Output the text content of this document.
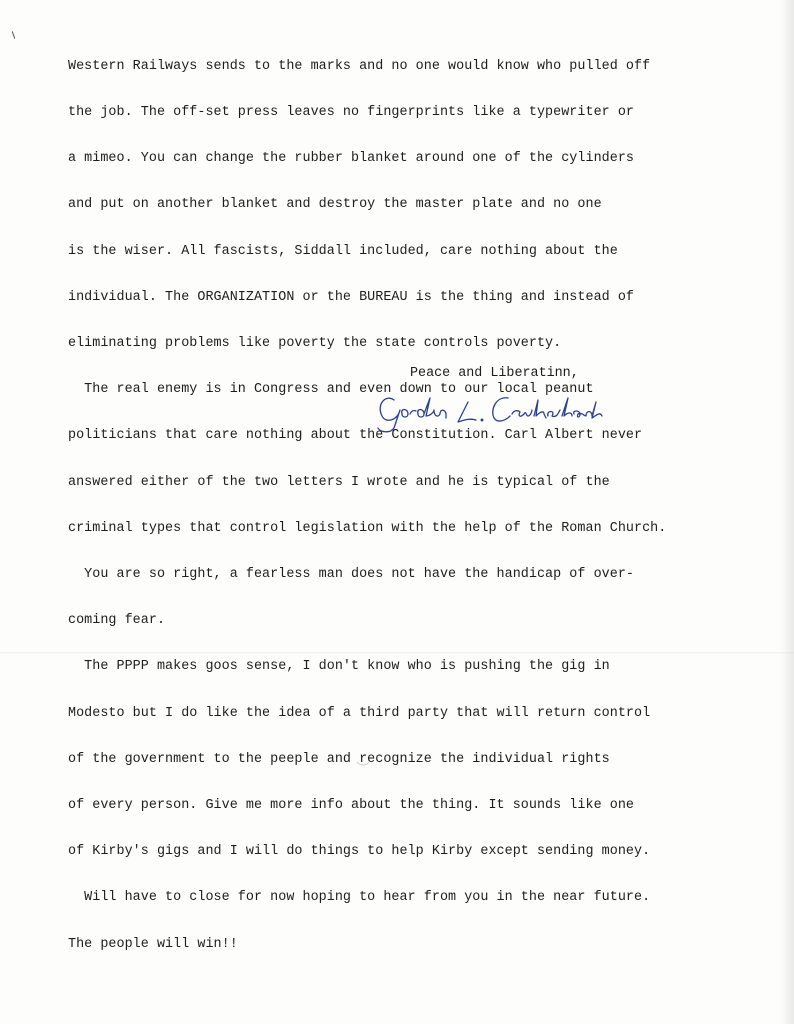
Western Railways sends to the marks and no one would know who pulled off

the job. The off-set press leaves no fingerprints like a typewriter or

a mimeo. You can change the rubber blanket around one of the cylinders

and put on another blanket and destroy the master plate and no one

is the wiser. All fascists, Siddall included, care nothing about the

individual. The ORGANIZATION or the BUREAU is the thing and instead of

eliminating problems like poverty the state controls poverty.

The real enemy is in Congress and even down to our local peanut

politicians that care nothing about the Constitution. Carl Albert never

answered either of the two letters I wrote and he is typical of the

criminal types that control legislation with the help of the Roman Church.

You are so right, a fearless man does not have the handicap of over-

coming fear.

The PPPP makes goos sense, I don't know who is pushing the gig in

Modesto but I do like the idea of a third party that will return control

of the government to the peeple and recognize the individual rights

of every person. Give me more info about the thing. It sounds like one

of Kirby's gigs and I will do things to help Kirby except sending money.

Will have to close for now hoping to hear from you in the near future.

The people will win!!

Peace and Liberatinn,
